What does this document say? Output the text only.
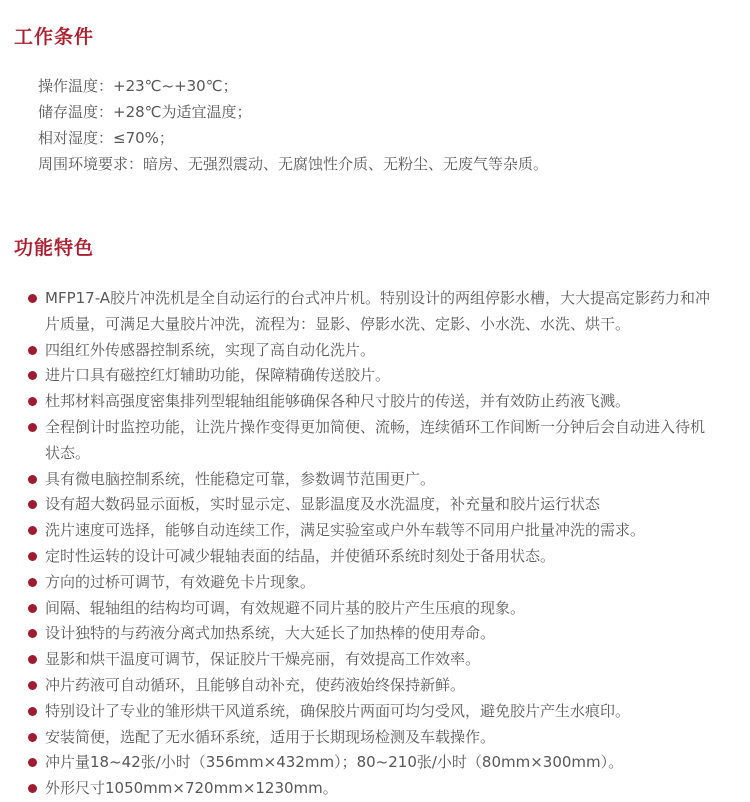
工作条件

操作温度：+23℃~+30℃；

储存温度：+28℃为适宜温度；

相对湿度：≤70%；

周围环境要求：暗房、无强烈震动、无腐蚀性介质、无粉尘、无废气等杂质。

功能特色
MFP17-A胶片冲洗机是全自动运行的台式冲片机。特别设计的两组停影水槽，大大提高定影药力和冲片质量，可满足大量胶片冲洗，流程为：显影、停影水洗、定影、小水洗、水洗、烘干。
四组红外传感器控制系统，实现了高自动化洗片。
进片口具有磁控红灯辅助功能，保障精确传送胶片。
杜邦材料高强度密集排列型辊轴组能够确保各种尺寸胶片的传送，并有效防止药液飞溅。
全程倒计时监控功能，让洗片操作变得更加简便、流畅，连续循环工作间断一分钟后会自动进入待机状态。
具有微电脑控制系统，性能稳定可靠，参数调节范围更广。
设有超大数码显示面板，实时显示定、显影温度及水洗温度，补充量和胶片运行状态
洗片速度可选择，能够自动连续工作，满足实验室或户外车载等不同用户批量冲洗的需求。
定时性运转的设计可减少辊轴表面的结晶，并使循环系统时刻处于备用状态。
方向的过桥可调节，有效避免卡片现象。
间隔、辊轴组的结构均可调，有效规避不同片基的胶片产生压痕的现象。
设计独特的与药液分离式加热系统，大大延长了加热棒的使用寿命。
显影和烘干温度可调节，保证胶片干燥亮丽，有效提高工作效率。
冲片药液可自动循环，且能够自动补充，使药液始终保持新鲜。
特别设计了专业的雏形烘干风道系统，确保胶片两面可均匀受风，避免胶片产生水痕印。
安装简便，选配了无水循环系统，适用于长期现场检测及车载操作。
冲片量18~42张/小时（356mm×432mm）；80~210张/小时（80mm×300mm）。
外形尺寸1050mm×720mm×1230mm。
